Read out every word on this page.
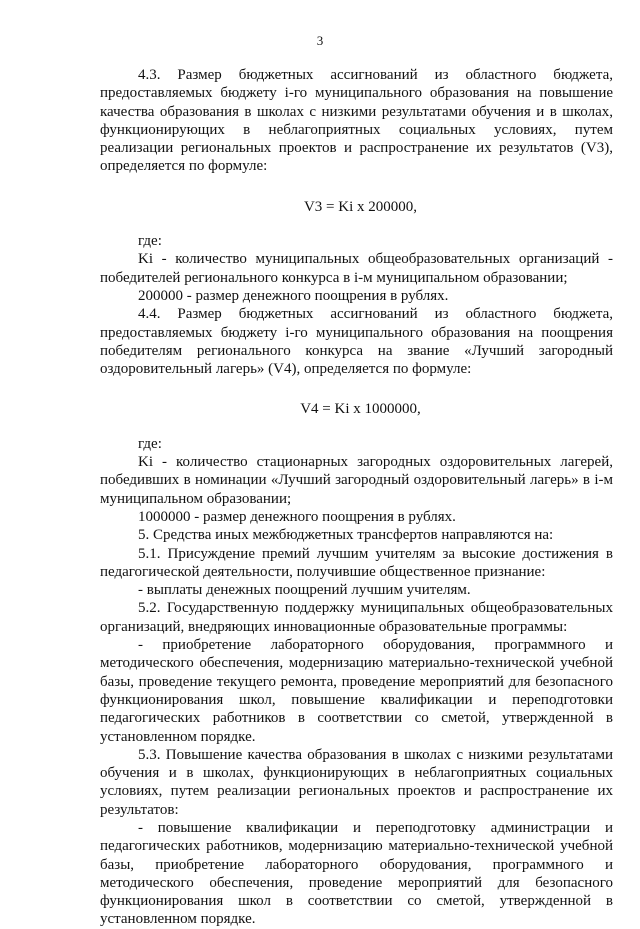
3

4.3. Размер бюджетных ассигнований из областного бюджета, предоставляемых бюджету i-го муниципального образования на повышение качества образования в школах с низкими результатами обучения и в школах, функционирующих в неблагоприятных социальных условиях, путем реализации региональных проектов и распространение их результатов (V3), определяется по формуле:

V3 = Ki x 200000,

где:

Ki - количество муниципальных общеобразовательных организаций - победителей регионального конкурса в i-м муниципальном образовании;

200000 - размер денежного поощрения в рублях.

4.4. Размер бюджетных ассигнований из областного бюджета, предоставляемых бюджету i-го муниципального образования на поощрения победителям регионального конкурса на звание «Лучший загородный оздоровительный лагерь» (V4), определяется по формуле:

V4 = Ki x 1000000,

где:

Ki - количество стационарных загородных оздоровительных лагерей, победивших в номинации «Лучший загородный оздоровительный лагерь» в i-м муниципальном образовании;

1000000 - размер денежного поощрения в рублях.

5. Средства иных межбюджетных трансфертов направляются на:

5.1. Присуждение премий лучшим учителям за высокие достижения в педагогической деятельности, получившие общественное признание:

- выплаты денежных поощрений лучшим учителям.

5.2. Государственную поддержку муниципальных общеобразовательных организаций, внедряющих инновационные образовательные программы:

- приобретение лабораторного оборудования, программного и методического обеспечения, модернизацию материально-технической учебной базы, проведение текущего ремонта, проведение мероприятий для безопасного функционирования школ, повышение квалификации и переподготовки педагогических работников в соответствии со сметой, утвержденной в установленном порядке.

5.3. Повышение качества образования в школах с низкими результатами обучения и в школах, функционирующих в неблагоприятных социальных условиях, путем реализации региональных проектов и распространение их результатов:

- повышение квалификации и переподготовку администрации и педагогических работников, модернизацию материально-технической учебной базы, приобретение лабораторного оборудования, программного и методического обеспечения, проведение мероприятий для безопасного функционирования школ в соответствии со сметой, утвержденной в установленном порядке.
